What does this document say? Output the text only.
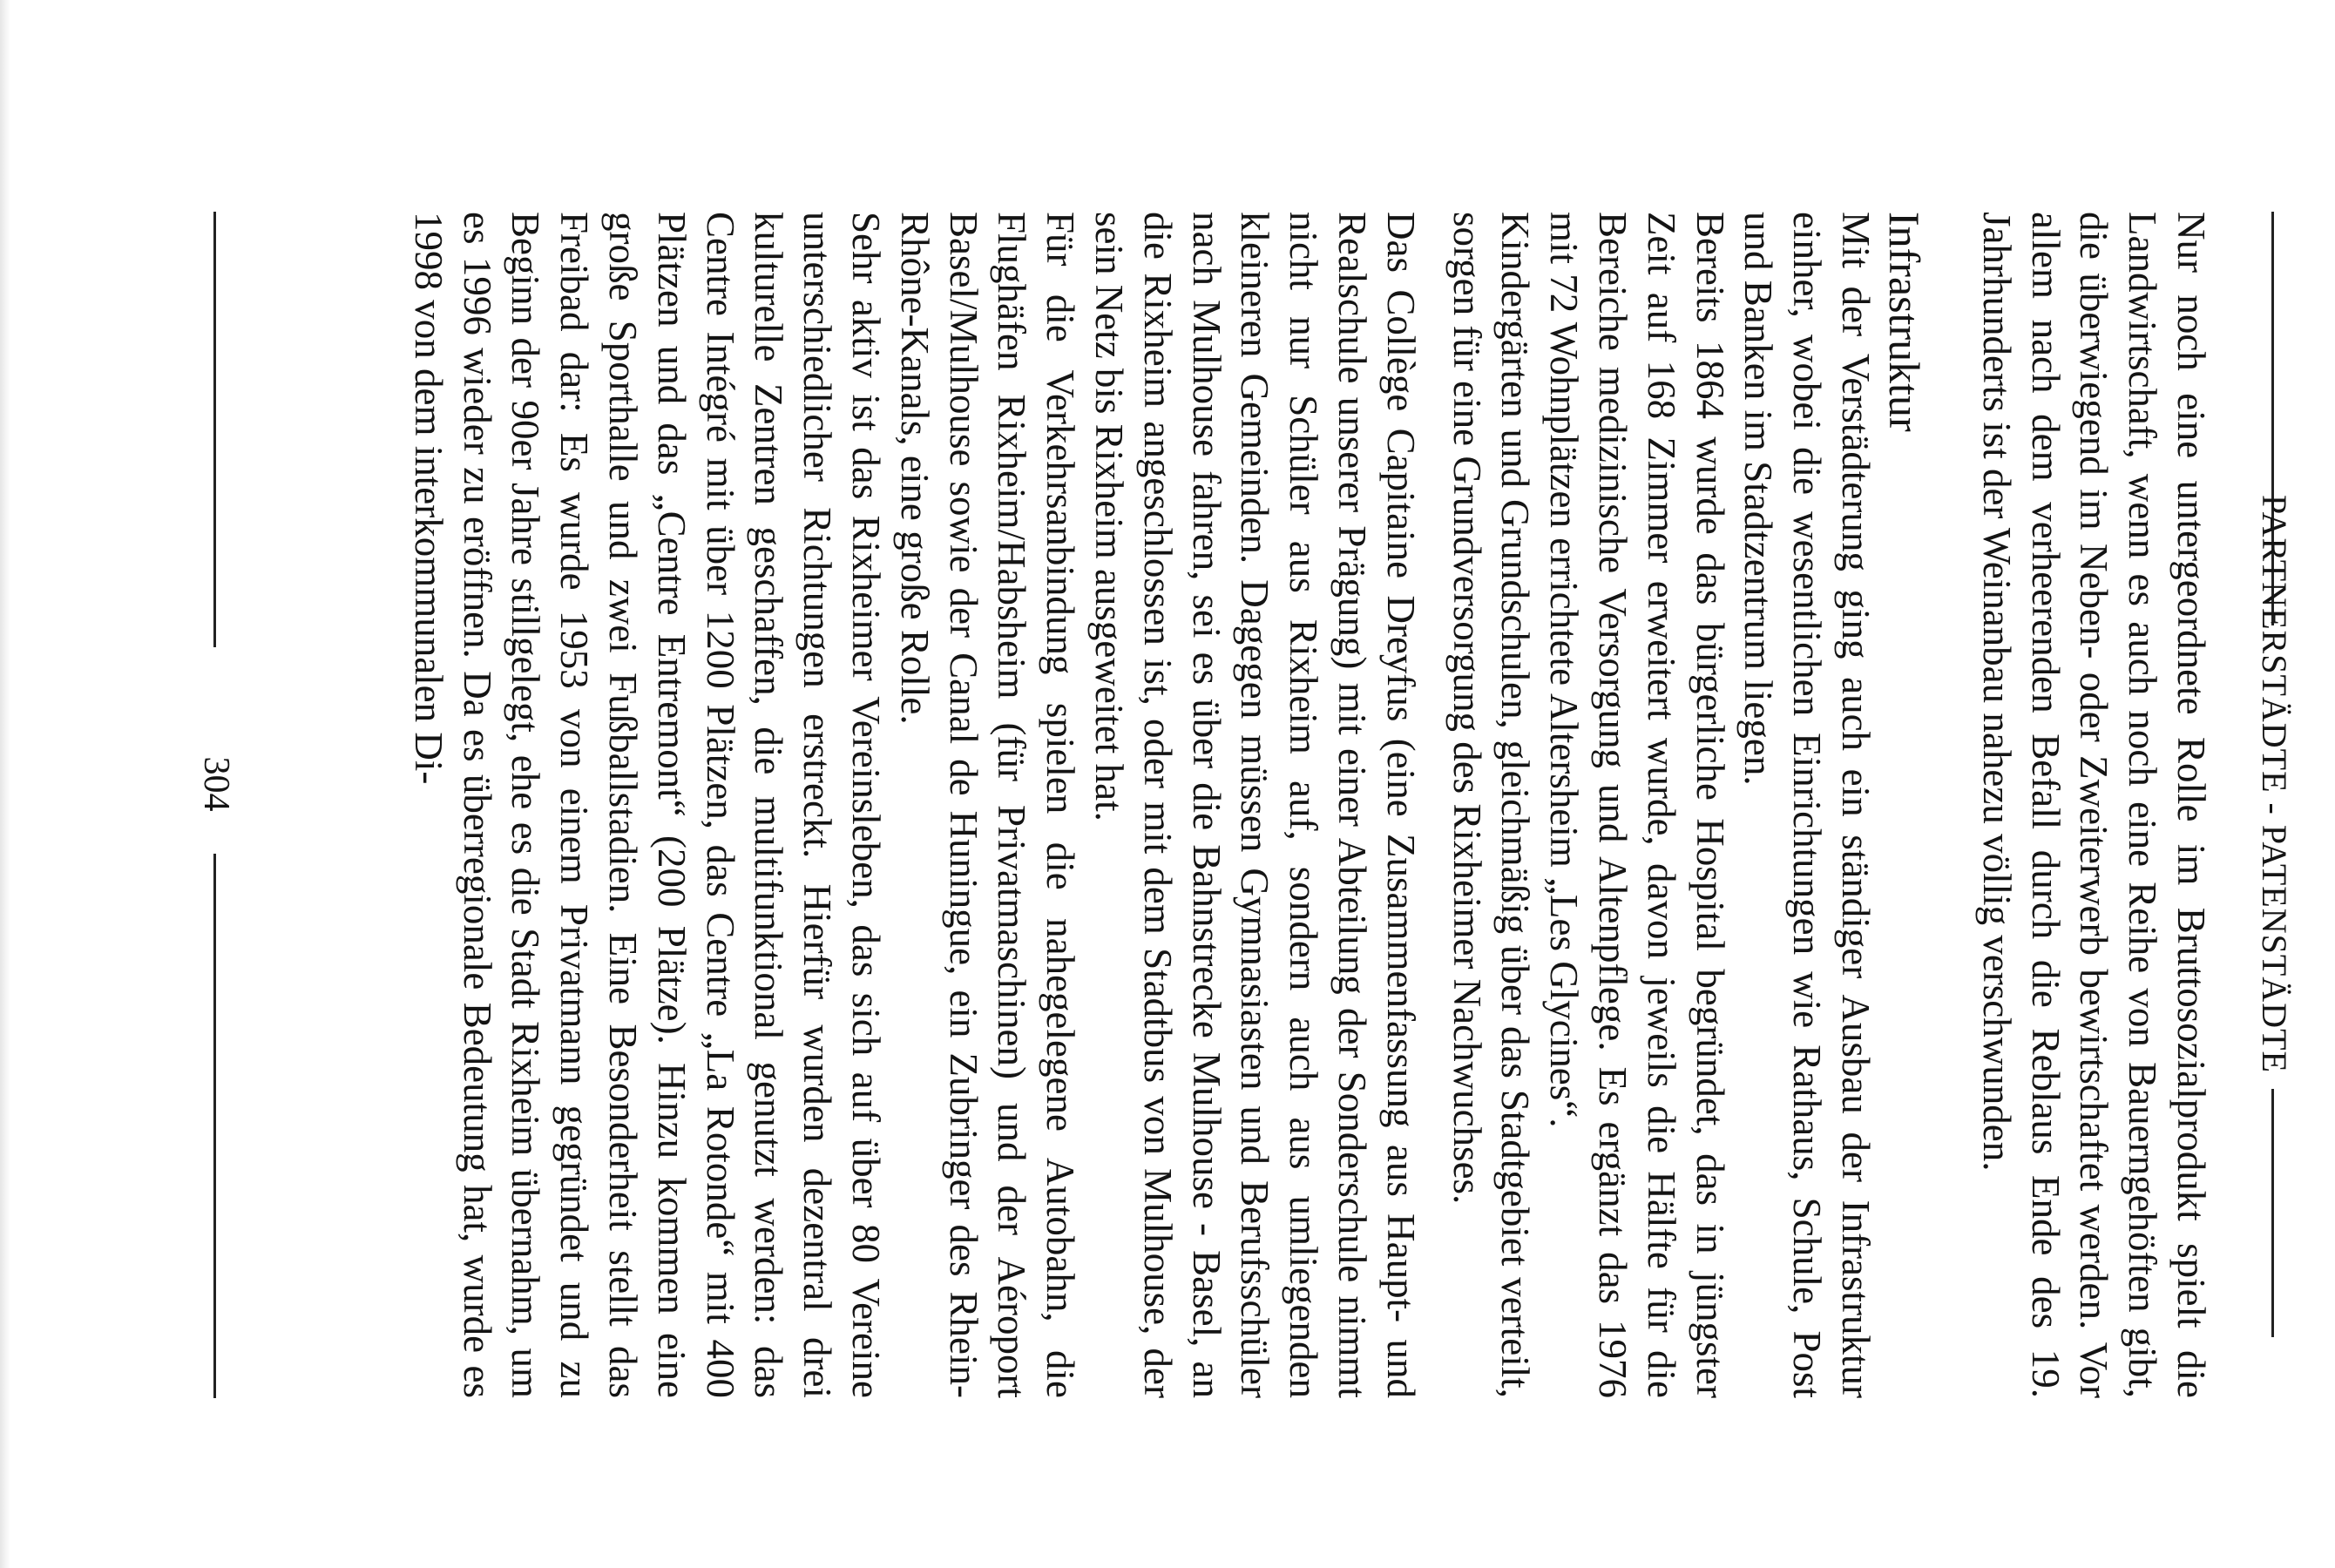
PARTNERSTÄDTE - PATENSTÄDTE

Nur noch eine untergeordnete Rolle im Bruttosozialprodukt spielt die Landwirtschaft, wenn es auch noch eine Reihe von Bauerngehöften gibt, die überwiegend im Neben- oder Zweiterwerb bewirtschaftet werden. Vor allem nach dem verheerenden Befall durch die Reblaus Ende des 19. Jahrhunderts ist der Weinanbau nahezu völlig verschwunden.

Infrastruktur

Mit der Verstädterung ging auch ein ständiger Ausbau der Infrastruktur einher, wobei die wesentlichen Einrichtungen wie Rathaus, Schule, Post und Banken im Stadtzentrum liegen.

Bereits 1864 wurde das bürgerliche Hospital begründet, das in jüngster Zeit auf 168 Zimmer erweitert wurde, davon jeweils die Hälfte für die Bereiche medizinische Versorgung und Altenpflege. Es ergänzt das 1976 mit 72 Wohnplätzen errichtete Altersheim „Les Glycines“.

Kindergärten und Grundschulen, gleichmäßig über das Stadtgebiet verteilt, sorgen für eine Grundversorgung des Rixheimer Nachwuchses.

Das Collège Capitaine Dreyfus (eine Zusammenfassung aus Haupt- und Realschule unserer Prägung) mit einer Abteilung der Sonderschule nimmt nicht nur Schüler aus Rixheim auf, sondern auch aus umliegenden kleineren Gemeinden. Dagegen müssen Gymnasiasten und Berufsschüler nach Mulhouse fahren, sei es über die Bahnstrecke Mulhouse - Basel, an die Rixheim angeschlossen ist, oder mit dem Stadtbus von Mulhouse, der sein Netz bis Rixheim ausgeweitet hat.

Für die Verkehrsanbindung spielen die nahegelegene Autobahn, die Flughäfen Rixheim/Habsheim (für Privatmaschinen) und der Aéroport Basel/Mulhouse sowie der Canal de Huningue, ein Zubringer des Rhein-Rhône-Kanals, eine große Rolle.

Sehr aktiv ist das Rixheimer Vereinsleben, das sich auf über 80 Vereine unterschiedlicher Richtungen erstreckt. Hierfür wurden dezentral drei kulturelle Zentren geschaffen, die multifunktional genutzt werden: das Centre Intégré mit über 1200 Plätzen, das Centre „La Rotonde“ mit 400 Plätzen und das „Centre Entremont“ (200 Plätze). Hinzu kommen eine große Sporthalle und zwei Fußballstadien. Eine Besonderheit stellt das Freibad dar: Es wurde 1953 von einem Privatmann gegründet und zu Beginn der 90er Jahre stillgelegt, ehe es die Stadt Rixheim übernahm, um es 1996 wieder zu eröffnen. Da es überregionale Bedeutung hat, wurde es 1998 von dem interkommunalen Di-

304
